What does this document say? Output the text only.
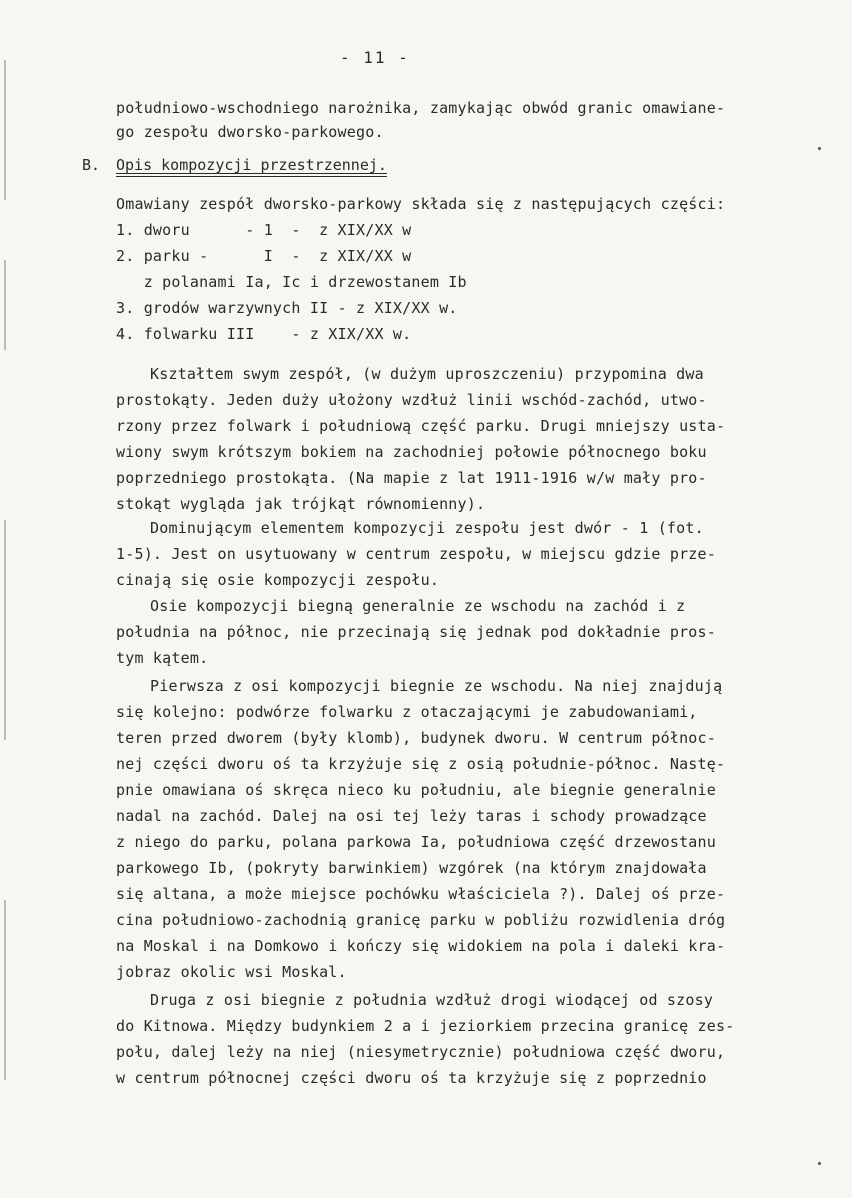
- 11 -
południowo-wschodniego narożnika, zamykając obwód granic omawiane-
go zespołu dworsko-parkowego.
B. Opis kompozycji przestrzennej.
Omawiany zespół dworsko-parkowy składa się z następujących części:
1. dworu      - 1  -  z XIX/XX w
2. parku -      I  -  z XIX/XX w
z polanami Ia, Ic i drzewostanem Ib
3. grodów warzywnych II - z XIX/XX w.
4. folwarku III    - z XIX/XX w.
Kształtem swym zespół, (w dużym uproszczeniu) przypomina dwa
prostokąty. Jeden duży ułożony wzdłuż linii wschód-zachód, utwo-
rzony przez folwark i południową część parku. Drugi mniejszy usta-
wiony swym krótszym bokiem na zachodniej połowie północnego boku
poprzedniego prostokąta. (Na mapie z lat 1911-1916 w/w mały pro-
stokąt wygląda jak trójkąt równomienny).
Dominującym elementem kompozycji zespołu jest dwór - 1 (fot.
1-5). Jest on usytuowany w centrum zespołu, w miejscu gdzie prze-
cinają się osie kompozycji zespołu.
Osie kompozycji biegną generalnie ze wschodu na zachód i z
południa na północ, nie przecinają się jednak pod dokładnie pros-
tym kątem.
Pierwsza z osi kompozycji biegnie ze wschodu. Na niej znajdują
się kolejno: podwórze folwarku z otaczającymi je zabudowaniami,
teren przed dworem (były klomb), budynek dworu. W centrum północ-
nej części dworu oś ta krzyżuje się z osią południe-północ. Nastę-
pnie omawiana oś skręca nieco ku południu, ale biegnie generalnie
nadal na zachód. Dalej na osi tej leży taras i schody prowadzące
z niego do parku, polana parkowa Ia, południowa część drzewostanu
parkowego Ib, (pokryty barwinkiem) wzgórek (na którym znajdowała
się altana, a może miejsce pochówku właściciela ?). Dalej oś prze-
cina południowo-zachodnią granicę parku w pobliżu rozwidlenia dróg
na Moskal i na Domkowo i kończy się widokiem na pola i daleki kra-
jobraz okolic wsi Moskal.
Druga z osi biegnie z południa wzdłuż drogi wiodącej od szosy
do Kitnowa. Między budynkiem 2 a i jeziorkiem przecina granicę zes-
połu, dalej leży na niej (niesymetrycznie) południowa część dworu,
w centrum północnej części dworu oś ta krzyżuje się z poprzednio
